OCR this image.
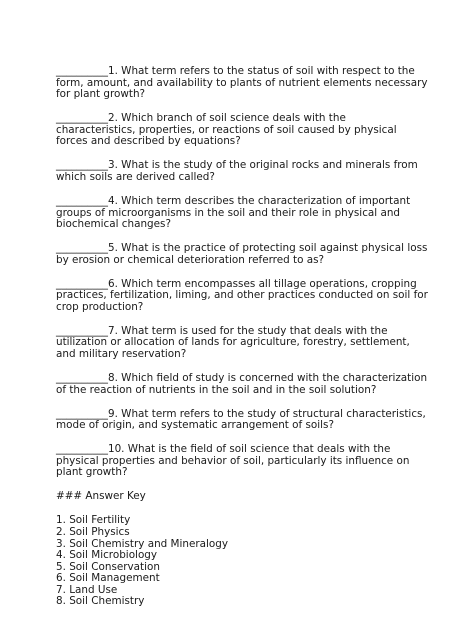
__________1. What term refers to the status of soil with respect to the form, amount, and availability to plants of nutrient elements necessary for plant growth?

__________2. Which branch of soil science deals with the characteristics, properties, or reactions of soil caused by physical forces and described by equations?

__________3. What is the study of the original rocks and minerals from which soils are derived called?

__________4. Which term describes the characterization of important groups of microorganisms in the soil and their role in physical and biochemical changes?

__________5. What is the practice of protecting soil against physical loss by erosion or chemical deterioration referred to as?

__________6. Which term encompasses all tillage operations, cropping practices, fertilization, liming, and other practices conducted on soil for crop production?

__________7. What term is used for the study that deals with the utilization or allocation of lands for agriculture, forestry, settlement, and military reservation?

__________8. Which field of study is concerned with the characterization of the reaction of nutrients in the soil and in the soil solution?

__________9. What term refers to the study of structural characteristics, mode of origin, and systematic arrangement of soils?

__________10. What is the field of soil science that deals with the physical properties and behavior of soil, particularly its influence on plant growth?

### Answer Key

1. Soil Fertility
2. Soil Physics
3. Soil Chemistry and Mineralogy
4. Soil Microbiology
5. Soil Conservation
6. Soil Management
7. Land Use
8. Soil Chemistry
